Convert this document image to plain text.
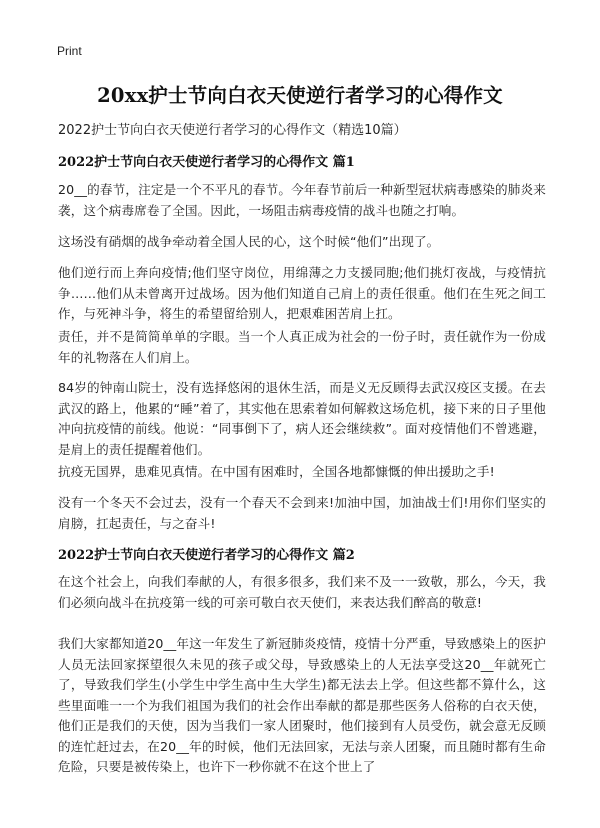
Print
20xx护士节向白衣天使逆行者学习的心得作文
2022护士节向白衣天使逆行者学习的心得作文（精选10篇）
2022护士节向白衣天使逆行者学习的心得作文 篇1
20__的春节，注定是一个不平凡的春节。今年春节前后一种新型冠状病毒感染的肺炎来袭，这个病毒席卷了全国。因此，一场阻击病毒疫情的战斗也随之打响。
这场没有硝烟的战争牵动着全国人民的心，这个时候“他们”出现了。
他们逆行而上奔向疫情;他们坚守岗位，用绵薄之力支援同胞;他们挑灯夜战，与疫情抗争……他们从未曾离开过战场。因为他们知道自己肩上的责任很重。他们在生死之间工作，与死神斗争，将生的希望留给别人，把艰难困苦肩上扛。
责任，并不是简简单单的字眼。当一个人真正成为社会的一份子时，责任就作为一份成年的礼物落在人们肩上。
84岁的钟南山院士，没有选择悠闲的退休生活，而是义无反顾得去武汉疫区支援。在去武汉的路上，他累的“睡”着了，其实他在思索着如何解救这场危机，接下来的日子里他冲向抗疫情的前线。他说：“同事倒下了，病人还会继续救”。面对疫情他们不曾逃避，是肩上的责任提醒着他们。
抗疫无国界，患难见真情。在中国有困难时，全国各地都慷慨的伸出援助之手!
没有一个冬天不会过去，没有一个春天不会到来!加油中国，加油战士们!用你们坚实的肩膀，扛起责任，与之奋斗!
2022护士节向白衣天使逆行者学习的心得作文 篇2
在这个社会上，向我们奉献的人，有很多很多，我们来不及一一致敬，那么，今天，我们必须向战斗在抗疫第一线的可亲可敬白衣天使们，来表达我们醉高的敬意!
我们大家都知道20__年这一年发生了新冠肺炎疫情，疫情十分严重，导致感染上的医护人员无法回家探望很久未见的孩子或父母，导致感染上的人无法享受这20__年就死亡了，导致我们学生(小学生中学生高中生大学生)都无法去上学。但这些都不算什么，这些里面唯一一个为我们祖国为我们的社会作出奉献的都是那些医务人俗称的白衣天使，他们正是我们的天使，因为当我们一家人团聚时，他们接到有人员受伤，就会意无反顾的连忙赶过去，在20__年的时候，他们无法回家，无法与亲人团聚，而且随时都有生命危险，只要是被传染上，也许下一秒你就不在这个世上了
